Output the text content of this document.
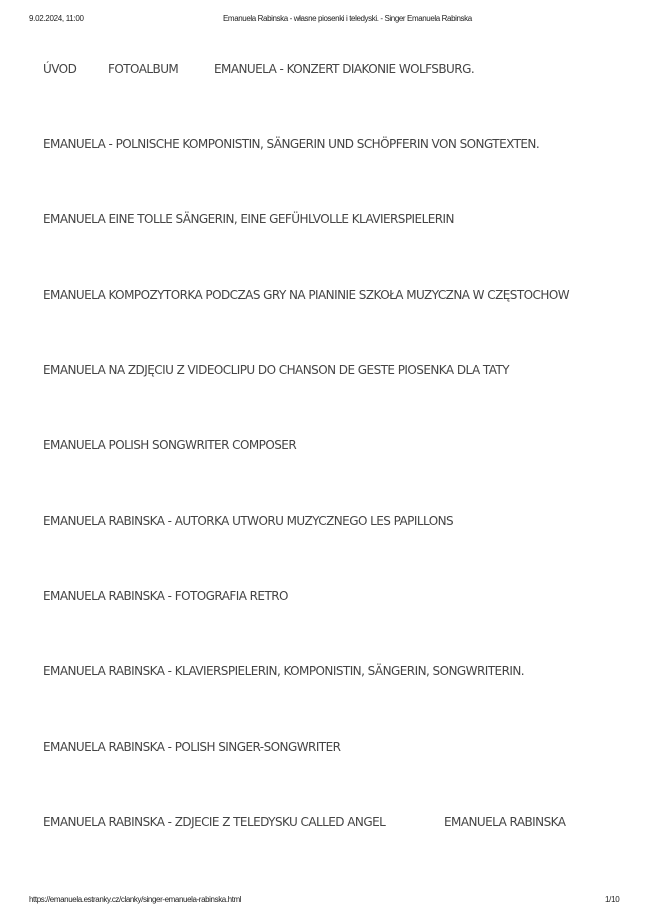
9.02.2024, 11:00	Emanuela Rabinska - własne piosenki i teledyski. - Singer Emanuela Rabinska
ÚVOD	FOTOALBUM	EMANUELA - KONZERT DIAKONIE WOLFSBURG.
EMANUELA - POLNISCHE KOMPONISTIN, SÄNGERIN UND SCHÖPFERIN VON SONGTEXTEN.
EMANUELA EINE TOLLE SÄNGERIN, EINE GEFÜHLVOLLE KLAVIERSPIELERIN
EMANUELA KOMPOZYTORKA PODCZAS GRY NA PIANINIE SZKOŁA MUZYCZNA W CZĘSTOCHOW
EMANUELA NA ZDJĘCIU Z VIDEOCLIPU DO CHANSON DE GESTE PIOSENKA DLA TATY
EMANUELA POLISH SONGWRITER COMPOSER
EMANUELA RABINSKA - AUTORKA UTWORU MUZYCZNEGO LES PAPILLONS
EMANUELA RABINSKA - FOTOGRAFIA RETRO
EMANUELA RABINSKA - KLAVIERSPIELERIN, KOMPONISTIN, SÄNGERIN, SONGWRITERIN.
EMANUELA RABINSKA - POLISH SINGER-SONGWRITER
EMANUELA RABINSKA - ZDJECIE Z TELEDYSKU CALLED ANGEL	EMANUELA RABINSKA
https://emanuela.estranky.cz/clanky/singer-emanuela-rabinska.html	1/10
